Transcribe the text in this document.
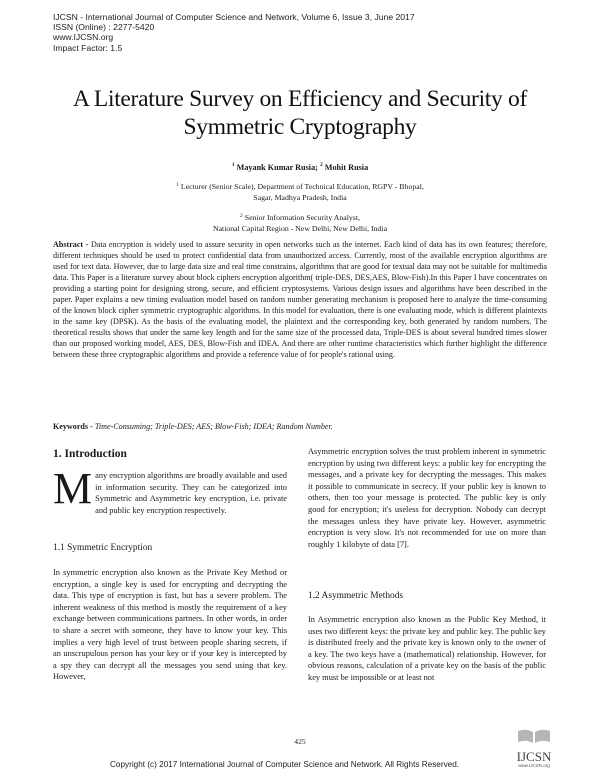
IJCSN - International Journal of Computer Science and Network, Volume 6, Issue 3, June 2017
ISSN (Online) : 2277-5420
www.IJCSN.org
Impact Factor: 1.5
A Literature Survey on Efficiency and Security of
Symmetric Cryptography
$^1$ Mayank Kumar Rusia; $^2$ Mohit Rusia
$^1$ Lecturer (Senior Scale), Department of Technical Education, RGPV - Bhopal,
Sagar, Madhya Pradesh, India
$^2$ Senior Information Security Analyst,
National Capital Region - New Delhi, New Delhi, India
Abstract - Data encryption is widely used to assure security in open networks such as the internet. Each kind of data has its own features; therefore, different techniques should be used to protect confidential data from unauthorized access. Currently, most of the available encryption algorithms are used for text data. However, due to large data size and real time constrains, algorithms that are good for textual data may not be suitable for multimedia data. This Paper is a literature survey about block ciphers encryption algorithm( triple-DES, DES,AES, Blow-Fish).In this Paper I have concentrates on providing a starting point for designing strong, secure, and efficient cryptosystems. Various design issues and algorithms have been described in the paper. Paper explains a new timing evaluation model based on random number generating mechanism is proposed here to analyze the time-consuming of the known block cipher symmetric cryptographic algorithms. In this model for evaluation, there is one evaluating mode, which is different plaintexts in the same key (DPSK). As the basis of the evaluating model, the plaintext and the corresponding key, both generated by random numbers. The theoretical results shows that under the same key length and for the same size of the processed data, Triple-DES is about several hundred times slower than our proposed working model, AES, DES, Blow-Fish and IDEA. And there are other runtime characteristics which further highlight the difference between these three cryptographic algorithms and provide a reference value of for people's rational using.
Keywords - Time-Consuming; Triple-DES; AES; Blow-Fish; IDEA; Random Number.
1. Introduction
M any encryption algorithms are broadly available and used in information security. They can be categorized into Symmetric and Asymmetric key encryption, i.e. private and public key encryption respectively.
1.1 Symmetric Encryption
In symmetric encryption also known as the Private Key Method or encryption, a single key is used for encrypting and decrypting the data. This type of encryption is fast, but has a severe problem. The inherent weakness of this method is mostly the requirement of a key exchange between communications partners. In other words, in order to share a secret with someone, they have to know your key. This implies a very high level of trust between people sharing secrets, if an unscrupulous person has your key or if your key is intercepted by a spy they can decrypt all the messages you send using that key. However,
Asymmetric encryption solves the trust problem inherent in symmetric encryption by using two different keys: a public key for encrypting the messages, and a private key for decrypting the messages. This makes it possible to communicate in secrecy. If your public key is known to others, then too your message is protected. The public key is only good for encryption; it's useless for decryption. Nobody can decrypt the messages unless they have private key. However, asymmetric encryption is very slow. It's not recommended for use on more than roughly 1 kilobyte of data [7].
1.2 Asymmetric Methods
In Asymmetric encryption also known as the Public Key Method, it uses two different keys: the private key and public key. The public key is distributed freely and the private key is known only to the owner of a key. The two keys have a (mathematical) relationship. However, for obvious reasons, calculation of a private key on the basis of the public key must be impossible or at least not
425
Copyright (c) 2017 International Journal of Computer Science and Network. All Rights Reserved.
IJCSN
www.IJCSN.org
